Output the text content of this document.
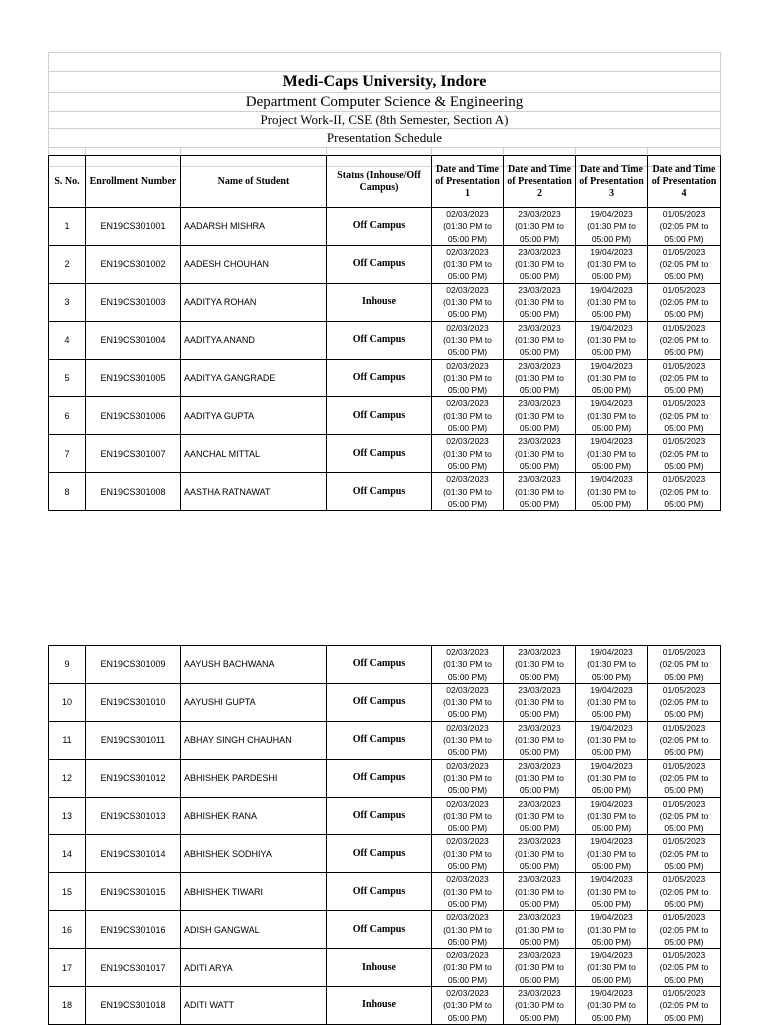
Medi-Caps University, Indore
Department Computer Science & Engineering
Project Work-II, CSE (8th Semester, Section A)
Presentation Schedule

S. No.	Enrollment Number	Name of Student	Status (Inhouse/Off Campus)	Date and Time of Presentation 1	Date and Time of Presentation 2	Date and Time of Presentation 3	Date and Time of Presentation 4
1	EN19CS301001	AADARSH MISHRA	Off Campus	02/03/2023
(01:30 PM to
05:00 PM)	23/03/2023
(01:30 PM to
05:00 PM)	19/04/2023
(01:30 PM to
05:00 PM)	01/05/2023
(02:05 PM to
05:00 PM)
2	EN19CS301002	AADESH CHOUHAN	Off Campus	02/03/2023
(01:30 PM to
05:00 PM)	23/03/2023
(01:30 PM to
05:00 PM)	19/04/2023
(01:30 PM to
05:00 PM)	01/05/2023
(02:05 PM to
05:00 PM)
3	EN19CS301003	AADITYA ROHAN	Inhouse	02/03/2023
(01:30 PM to
05:00 PM)	23/03/2023
(01:30 PM to
05:00 PM)	19/04/2023
(01:30 PM to
05:00 PM)	01/05/2023
(02:05 PM to
05:00 PM)
4	EN19CS301004	AADITYA ANAND	Off Campus	02/03/2023
(01:30 PM to
05:00 PM)	23/03/2023
(01:30 PM to
05:00 PM)	19/04/2023
(01:30 PM to
05:00 PM)	01/05/2023
(02:05 PM to
05:00 PM)
5	EN19CS301005	AADITYA GANGRADE	Off Campus	02/03/2023
(01:30 PM to
05:00 PM)	23/03/2023
(01:30 PM to
05:00 PM)	19/04/2023
(01:30 PM to
05:00 PM)	01/05/2023
(02:05 PM to
05:00 PM)
6	EN19CS301006	AADITYA GUPTA	Off Campus	02/03/2023
(01:30 PM to
05:00 PM)	23/03/2023
(01:30 PM to
05:00 PM)	19/04/2023
(01:30 PM to
05:00 PM)	01/05/2023
(02:05 PM to
05:00 PM)
7	EN19CS301007	AANCHAL MITTAL	Off Campus	02/03/2023
(01:30 PM to
05:00 PM)	23/03/2023
(01:30 PM to
05:00 PM)	19/04/2023
(01:30 PM to
05:00 PM)	01/05/2023
(02:05 PM to
05:00 PM)
8	EN19CS301008	AASTHA RATNAWAT	Off Campus	02/03/2023
(01:30 PM to
05:00 PM)	23/03/2023
(01:30 PM to
05:00 PM)	19/04/2023
(01:30 PM to
05:00 PM)	01/05/2023
(02:05 PM to
05:00 PM)
9	EN19CS301009	AAYUSH BACHWANA	Off Campus	02/03/2023
(01:30 PM to
05:00 PM)	23/03/2023
(01:30 PM to
05:00 PM)	19/04/2023
(01:30 PM to
05:00 PM)	01/05/2023
(02:05 PM to
05:00 PM)
10	EN19CS301010	AAYUSHI GUPTA	Off Campus	02/03/2023
(01:30 PM to
05:00 PM)	23/03/2023
(01:30 PM to
05:00 PM)	19/04/2023
(01:30 PM to
05:00 PM)	01/05/2023
(02:05 PM to
05:00 PM)
11	EN19CS301011	ABHAY SINGH CHAUHAN	Off Campus	02/03/2023
(01:30 PM to
05:00 PM)	23/03/2023
(01:30 PM to
05:00 PM)	19/04/2023
(01:30 PM to
05:00 PM)	01/05/2023
(02:05 PM to
05:00 PM)
12	EN19CS301012	ABHISHEK PARDESHI	Off Campus	02/03/2023
(01:30 PM to
05:00 PM)	23/03/2023
(01:30 PM to
05:00 PM)	19/04/2023
(01:30 PM to
05:00 PM)	01/05/2023
(02:05 PM to
05:00 PM)
13	EN19CS301013	ABHISHEK RANA	Off Campus	02/03/2023
(01:30 PM to
05:00 PM)	23/03/2023
(01:30 PM to
05:00 PM)	19/04/2023
(01:30 PM to
05:00 PM)	01/05/2023
(02:05 PM to
05:00 PM)
14	EN19CS301014	ABHISHEK SODHIYA	Off Campus	02/03/2023
(01:30 PM to
05:00 PM)	23/03/2023
(01:30 PM to
05:00 PM)	19/04/2023
(01:30 PM to
05:00 PM)	01/05/2023
(02:05 PM to
05:00 PM)
15	EN19CS301015	ABHISHEK TIWARI	Off Campus	02/03/2023
(01:30 PM to
05:00 PM)	23/03/2023
(01:30 PM to
05:00 PM)	19/04/2023
(01:30 PM to
05:00 PM)	01/05/2023
(02:05 PM to
05:00 PM)
16	EN19CS301016	ADISH GANGWAL	Off Campus	02/03/2023
(01:30 PM to
05:00 PM)	23/03/2023
(01:30 PM to
05:00 PM)	19/04/2023
(01:30 PM to
05:00 PM)	01/05/2023
(02:05 PM to
05:00 PM)
17	EN19CS301017	ADITI ARYA	Inhouse	02/03/2023
(01:30 PM to
05:00 PM)	23/03/2023
(01:30 PM to
05:00 PM)	19/04/2023
(01:30 PM to
05:00 PM)	01/05/2023
(02:05 PM to
05:00 PM)
18	EN19CS301018	ADITI WATT	Inhouse	02/03/2023
(01:30 PM to
05:00 PM)	23/03/2023
(01:30 PM to
05:00 PM)	19/04/2023
(01:30 PM to
05:00 PM)	01/05/2023
(02:05 PM to
05:00 PM)
